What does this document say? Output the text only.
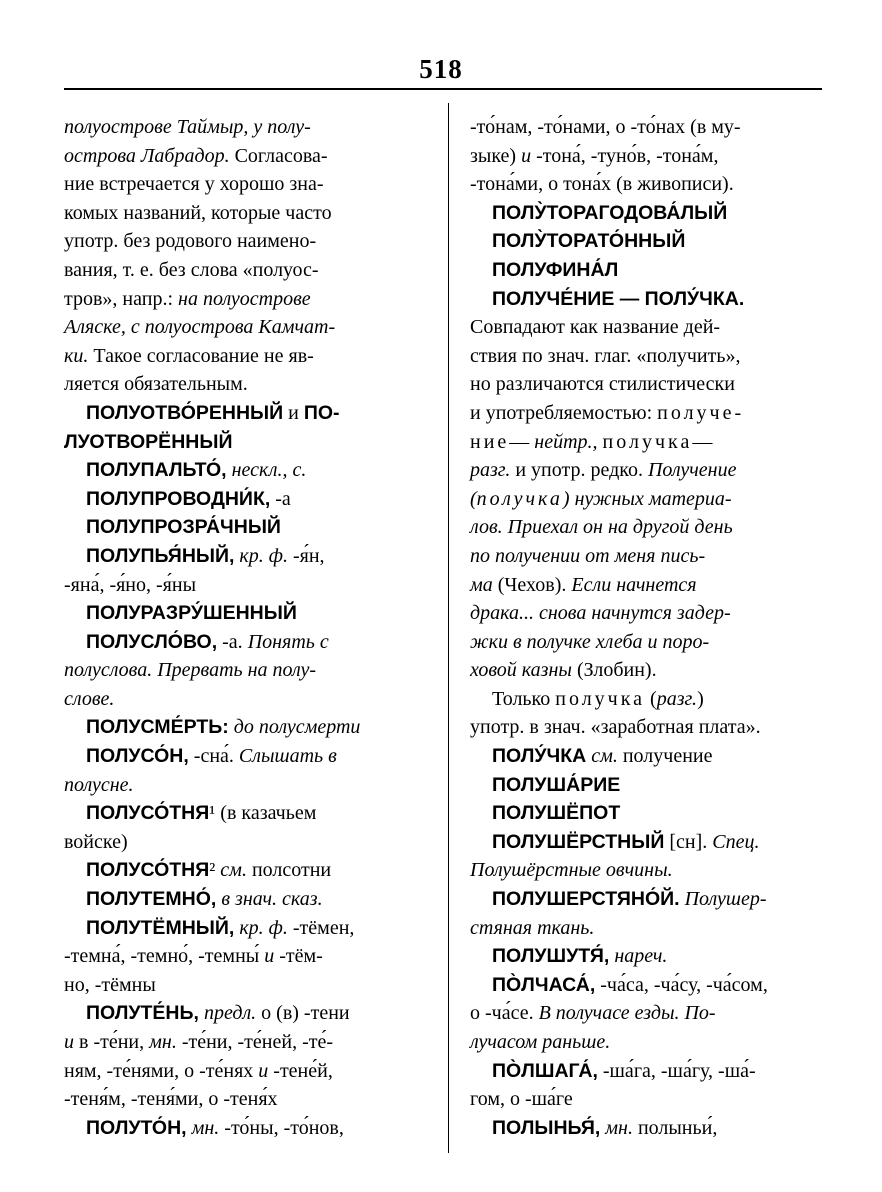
518
полуострове Таймыр, у полу-
острова Лабрадор. Согласова-
ние встречается у хорошо зна-
комых названий, которые часто
употр. без родового наимено-
вания, т. е. без слова «полуос-
тров», напр.: на полуострове
Аляске, с полуострова Камчат-
ки. Такое согласование не яв-
ляется обязательным.
ПОЛУОТВО́РЕННЫЙ и ПО-
ЛУОТВОРЁННЫЙ
ПОЛУПАЛЬТО́, нескл., с.
ПОЛУПРОВОДНИ́К, -а
ПОЛУПРОЗРА́ЧНЫЙ
ПОЛУПЬЯ́НЫЙ, кр. ф. -я́н,
-яна́, -я́но, -я́ны
ПОЛУРАЗРУ́ШЕННЫЙ
ПОЛУСЛО́ВО, -а. Понять с
полуслова. Прервать на полу-
слове.
ПОЛУСМЕ́РТЬ: до полусмерти
ПОЛУСО́Н, -сна́. Слышать в
полусне.
ПОЛУСО́ТНЯ¹ (в казачьем
войске)
ПОЛУСО́ТНЯ² см. полсотни
ПОЛУТЕМНО́, в знач. сказ.
ПОЛУТЁМНЫЙ, кр. ф. -тёмен,
-темна́, -темно́, -темны́ и -тём-
но, -тёмны
ПОЛУТЕ́НЬ, предл. о (в) -тени
и в -те́ни, мн. -те́ни, -те́ней, -те́-
ням, -те́нями, о -те́нях и -тене́й,
-теня́м, -теня́ми, о -теня́х
ПОЛУТО́Н, мн. -то́ны, -то́нов,
-то́нам, -то́нами, о -то́нах (в му-
зыке) и -тона́, -туно́в, -тона́м,
-тона́ми, о тона́х (в живописи).
ПОЛУ̀ТОРАГОДОВА́ЛЫЙ
ПОЛУ̀ТОРАТО́ННЫЙ
ПОЛУФИНА́Л
ПОЛУЧЕ́НИЕ — ПОЛУ́ЧКА.
Совпадают как название дей-
ствия по знач. глаг. «получить»,
но различаются стилистически
и употребляемостью: получе-
ние— нейтр., получка—
разг. и употр. редко. Получение
(получка) нужных материа-
лов. Приехал он на другой день
по получении от меня пись-
ма (Чехов). Если начнется
драка... снова начнутся задер-
жки в получке хлеба и поро-
ховой казны (Злобин).
Только получка (разг.)
употр. в знач. «заработная плата».
ПОЛУ́ЧКА см. получение
ПОЛУША́РИЕ
ПОЛУШЁПОТ
ПОЛУШЁРСТНЫЙ [сн]. Спец.
Полушёрстные овчины.
ПОЛУШЕРСТЯНО́Й. Полушер-
стяная ткань.
ПОЛУШУТЯ́, нареч.
ПО̀ЛЧАСА́, -ча́са, -ча́су, -ча́сом,
о -ча́се. В получасе езды. По-
лучасом раньше.
ПО̀ЛШАГА́, -ша́га, -ша́гу, -ша́-
гом, о -ша́ге
ПОЛЫНЬЯ́, мн. полыньи́,
